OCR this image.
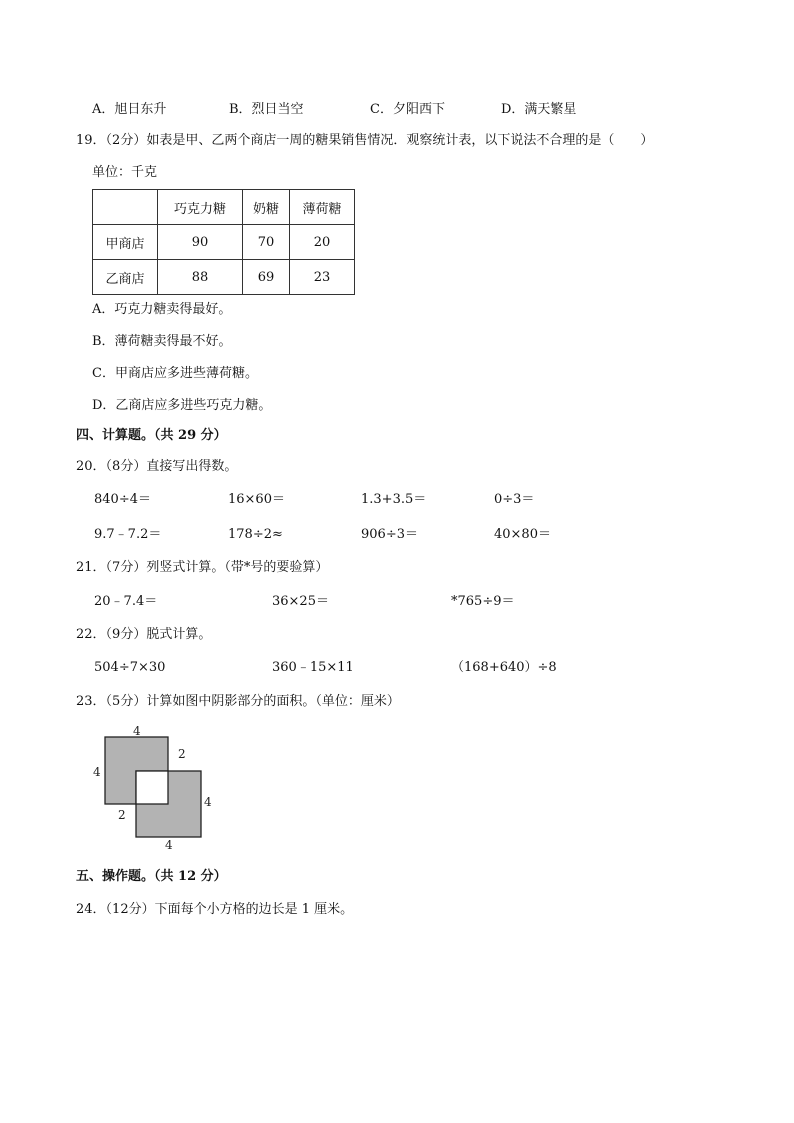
A．旭日东升	B．烈日当空	C．夕阳西下	D．满天繁星
19．（2分）如表是甲、乙两个商店一周的糖果销售情况．观察统计表，以下说法不合理的是（　　）
单位：千克
	巧克力糖	奶糖	薄荷糖
甲商店	90	70	20
乙商店	88	69	23
A．巧克力糖卖得最好。
B．薄荷糖卖得最不好。
C．甲商店应多进些薄荷糖。
D．乙商店应多进些巧克力糖。
四、计算题。（共 29 分）
20．（8分）直接写出得数。
840÷4＝	16×60＝	1.3+3.5＝	0÷3＝
9.7﹣7.2＝	178÷2≈	906÷3＝	40×80＝
21．（7分）列竖式计算。（带*号的要验算）
20﹣7.4＝	36×25＝	*765÷9＝
22．（9分）脱式计算。
504÷7×30	360﹣15×11	（168+640）÷8
23．（5分）计算如图中阴影部分的面积。（单位：厘米）
4
4
2
4
2
4
五、操作题。（共 12 分）
24．（12分）下面每个小方格的边长是 1 厘米。
